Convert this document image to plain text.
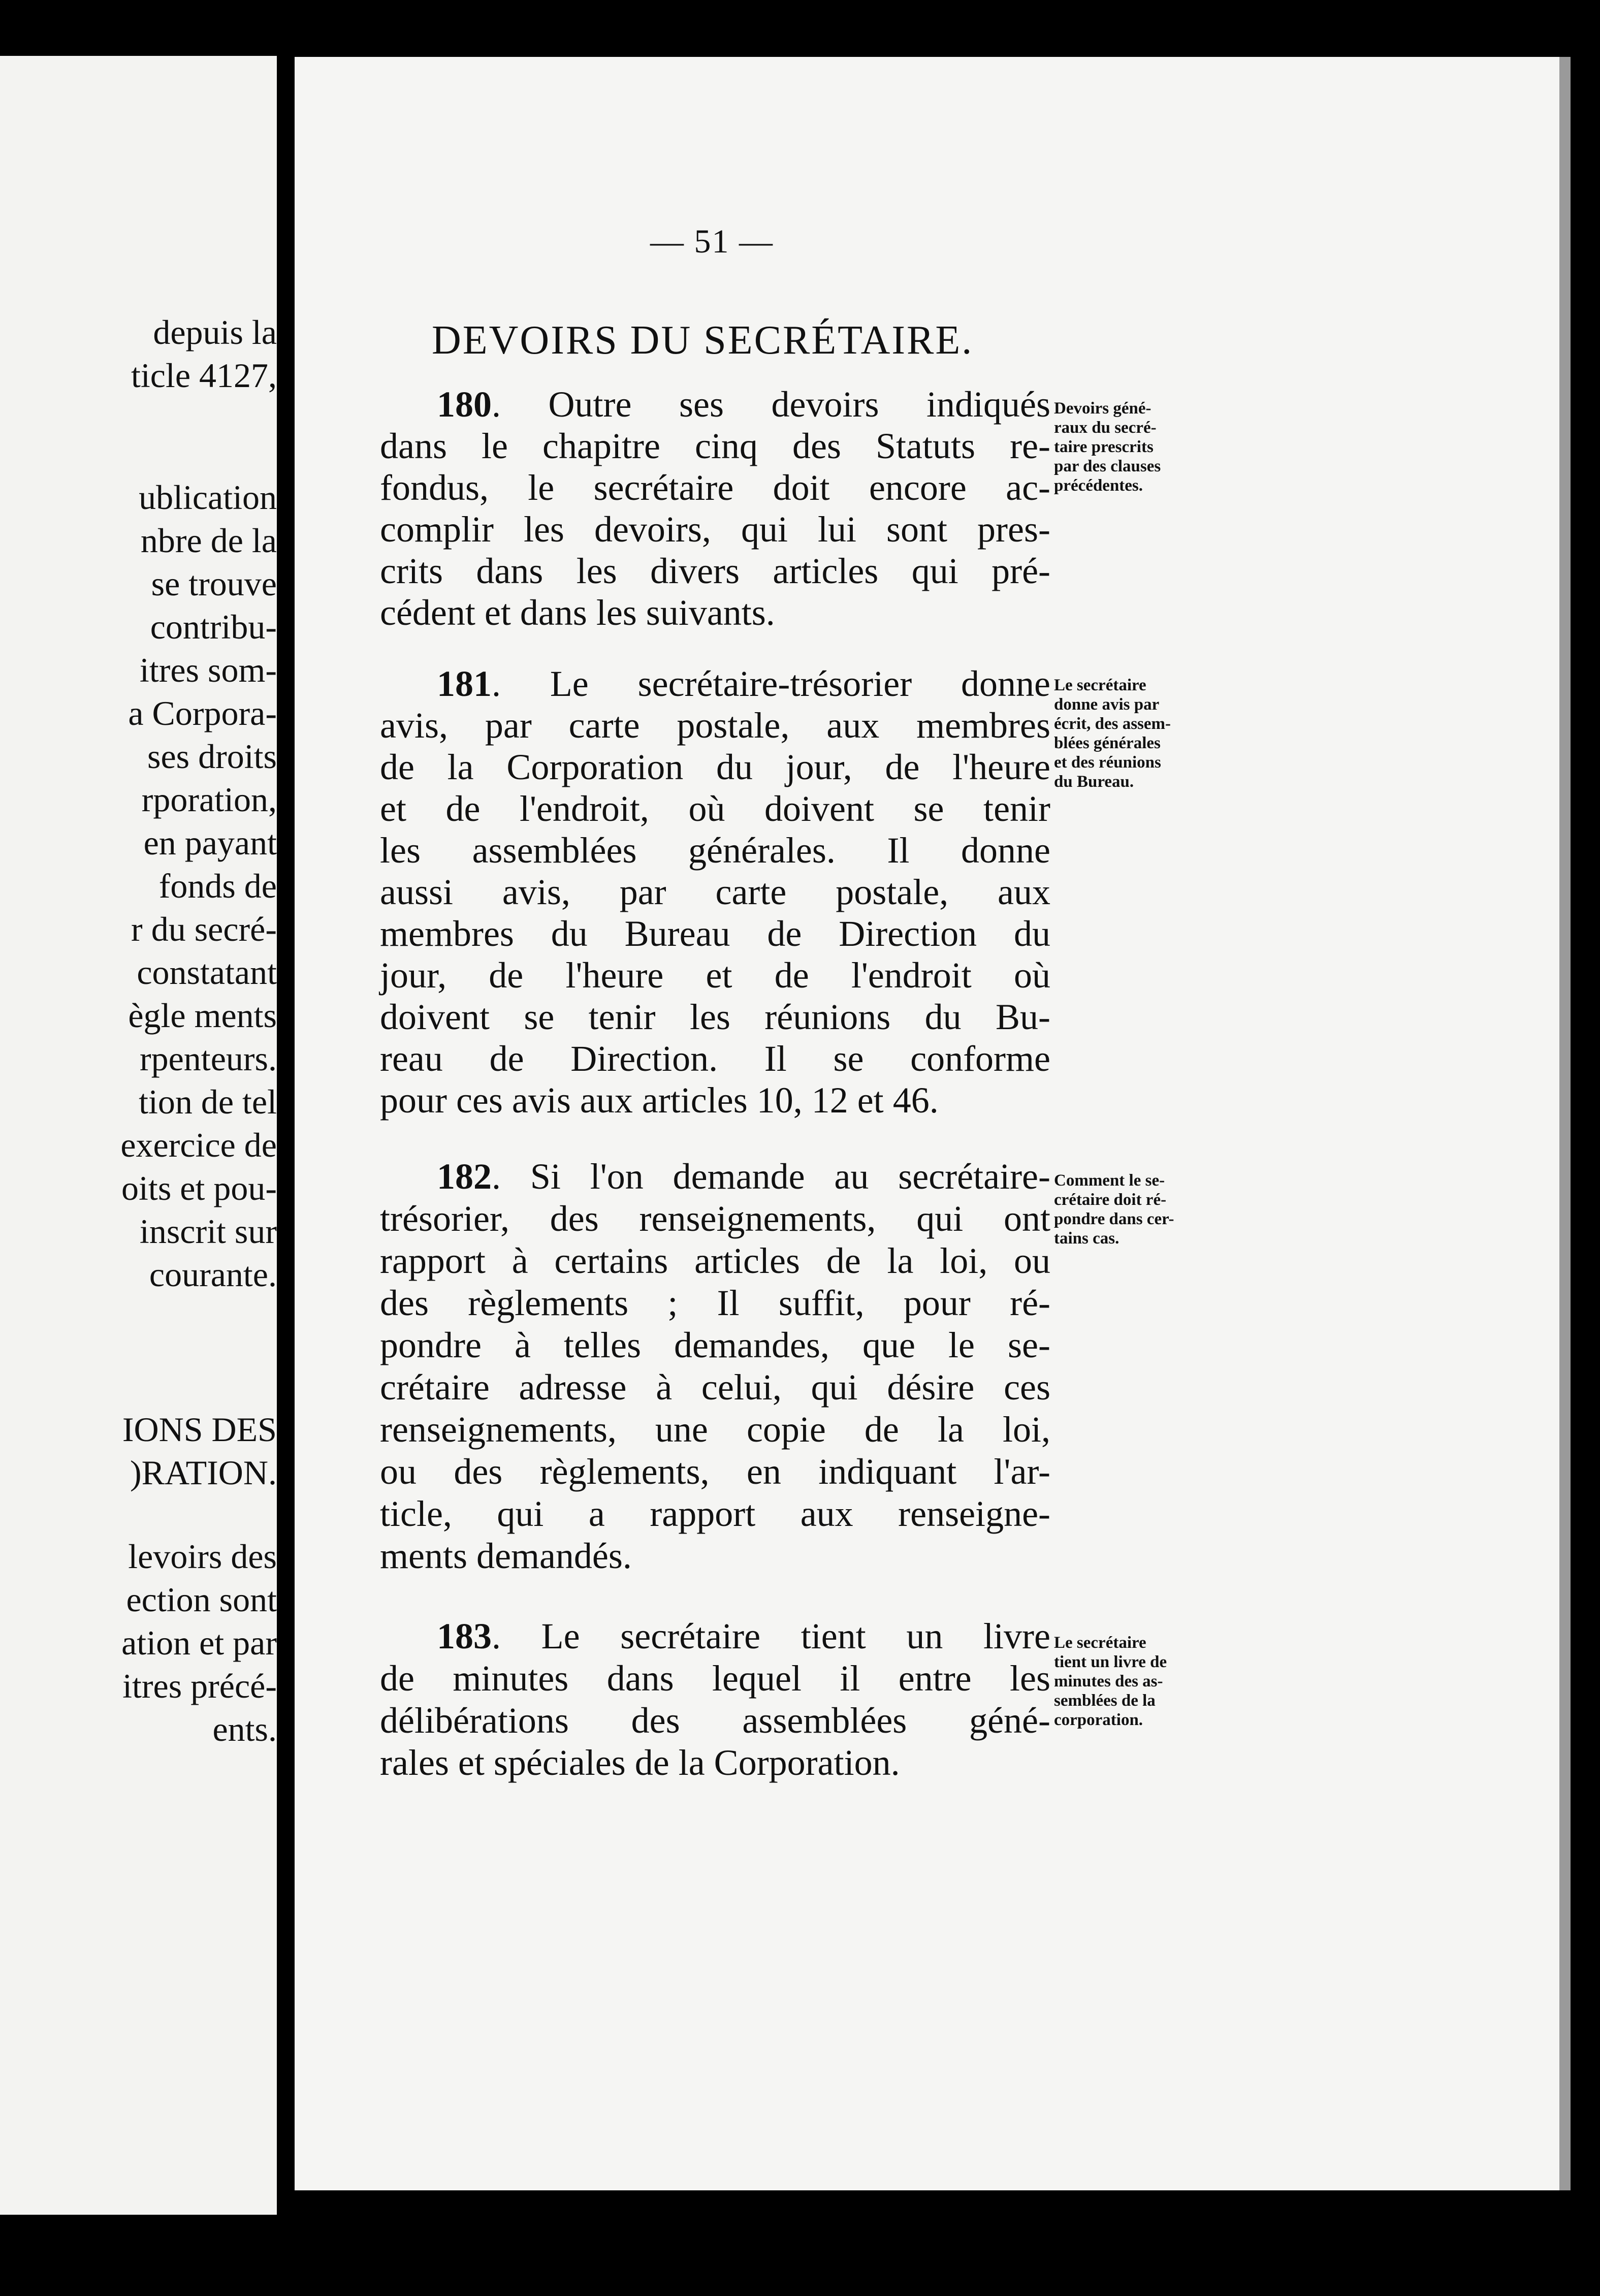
depuis la
ticle 4127,
ublication
nbre de la
se trouve
contribu-
itres som-
a Corpora-
ses droits
rporation,
en payant
fonds de
r du secré-
constatant
ègle ments
rpenteurs.
tion de tel
exercice de
oits et pou-
inscrit sur
courante.
IONS DES
)RATION.
levoirs des
ection sont
ation et par
itres précé-
ents.
— 51 —
DEVOIRS DU SECRÉTAIRE.
180. Outre ses devoirs indiqués
dans le chapitre cinq des Statuts re-
fondus, le secrétaire doit encore ac-
complir les devoirs, qui lui sont pres-
crits dans les divers articles qui pré-
cédent et dans les suivants.
Devoirs géné-
raux du secré-
taire prescrits
par des clauses
précédentes.
181. Le secrétaire-trésorier donne
avis, par carte postale, aux membres
de la Corporation du jour, de l'heure
et de l'endroit, où doivent se tenir
les assemblées générales. Il donne
aussi avis, par carte postale, aux
membres du Bureau de Direction du
jour, de l'heure et de l'endroit où
doivent se tenir les réunions du Bu-
reau de Direction. Il se conforme
pour ces avis aux articles 10, 12 et 46.
Le secrétaire
donne avis par
écrit, des assem-
blées générales
et des réunions
du Bureau.
182. Si l'on demande au secrétaire-
trésorier, des renseignements, qui ont
rapport à certains articles de la loi, ou
des règlements ; Il suffit, pour ré-
pondre à telles demandes, que le se-
crétaire adresse à celui, qui désire ces
renseignements, une copie de la loi,
ou des règlements, en indiquant l'ar-
ticle, qui a rapport aux renseigne-
ments demandés.
Comment le se-
crétaire doit ré-
pondre dans cer-
tains cas.
183. Le secrétaire tient un livre
de minutes dans lequel il entre les
délibérations des assemblées géné-
rales et spéciales de la Corporation.
Le secrétaire
tient un livre de
minutes des as-
semblées de la
corporation.
